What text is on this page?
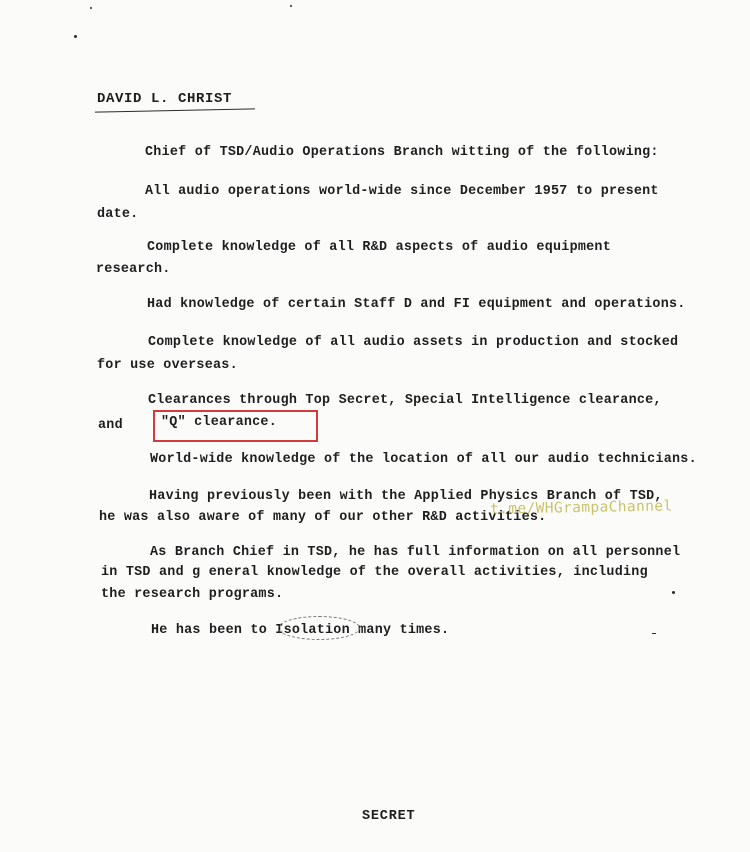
DAVID L. CHRIST
Chief of TSD/Audio Operations Branch witting of the following:
All audio operations world-wide since December 1957 to present
date.
Complete knowledge of all R&D aspects of audio equipment
research.
Had knowledge of certain Staff D and FI equipment and operations.
Complete knowledge of all audio assets in production and stocked
for use overseas.
Clearances through Top Secret, Special Intelligence clearance,
and	"Q" clearance.
World-wide knowledge of the location of all our audio technicians.
Having previously been with the Applied Physics Branch of TSD,
he was also aware of many of our other R&D activities.
As Branch Chief in TSD, he has full information on all personnel
in TSD and g eneral knowledge of the overall activities, including
the research programs.
He has been to Isolation many times.
t.me/WHGrampaChannel
SECRET
